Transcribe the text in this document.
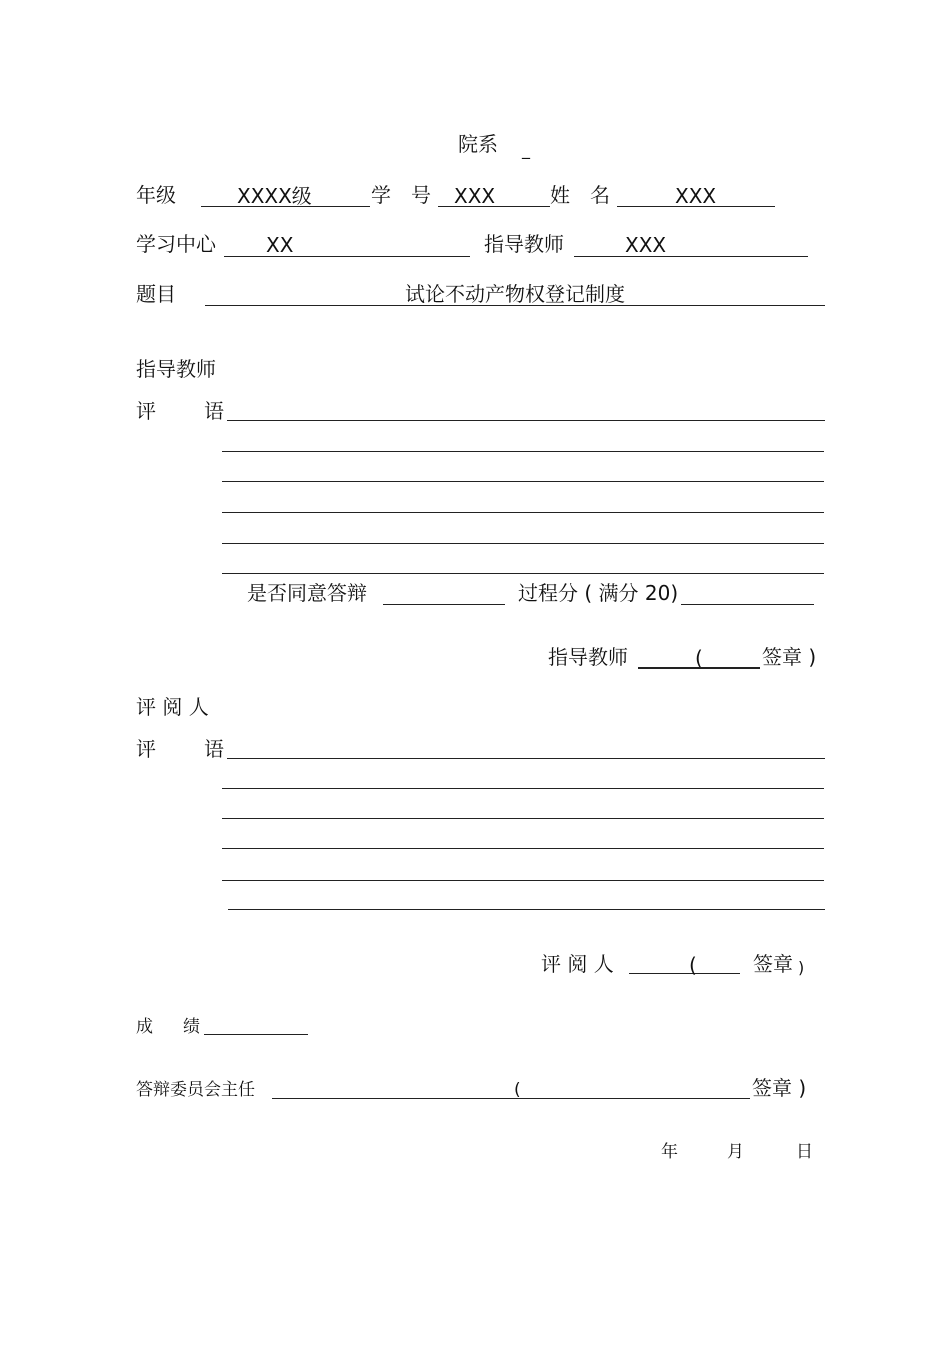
院系 _
年级	XXXX级	学　号 XXX	姓　名	XXX
学习中心	XX	指导教师	XXX
题目	试论不动产物权登记制度
指导教师
评 语
是否同意答辩	过程分 ( 满分 20)
指导教师	(	签章 )
评 阅 人
评 语
评 阅 人	(	签章 )
成 绩
答辩委员会主任	(	签章 )
年	月	日
